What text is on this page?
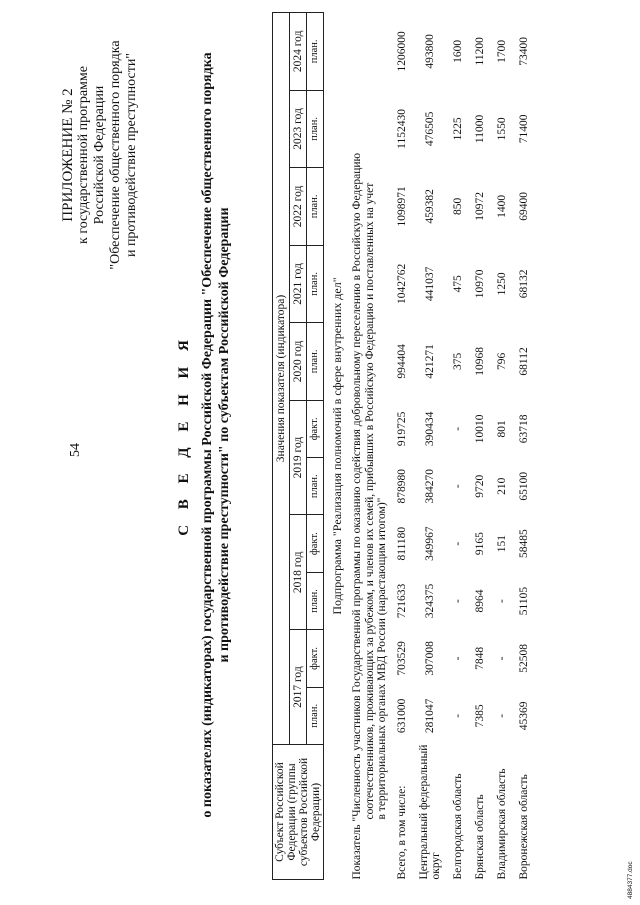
54
ПРИЛОЖЕНИЕ № 2 к государственной программе Российской Федерации "Обеспечение общественного порядка и противодействие преступности"
С В Е Д Е Н И Я о показателях (индикаторах) государственной программы Российской Федерации "Обеспечение общественного порядка и противодействие преступности" по субъектам Российской Федерации
Субъект Российской Федерации (группы субъектов Российской Федерации)	Значения показателя (индикатора)										
	2017 год		2018 год		2019 год		2020 год	2021 год	2022 год	2023 год	2024 год
	план.	факт.	план.	факт.	план.	факт.	план.	план.	план.	план.	план.
Подпрограмма "Реализация полномочий в сфере внутренних дел"											
Показатель "Численность участников Государственной программы по оказанию содействия добровольному переселению в Российскую Федерацию соотечественников, проживающих за рубежом, и членов их семей, прибывших в Российскую Федерацию и поставленных на учет в территориальных органах МВД России (нарастающим итогом)"											

Всего, в том числе:	631000	703529	721633	811180	878980	919725	994404	1042762	1098971	1152430	1206000
Центральный федеральный округ	281047	307008	324375	349967	384270	390434	421271	441037	459382	476505	493800
Белгородская область	-	-	-	-	-	-	375	475	850	1225	1600
Брянская область	7385	7848	8964	9165	9720	10010	10968	10970	10972	11000	11200
Владимирская область	-	-	-	151	210	801	796	1250	1400	1550	1700
Воронежская область	45369	52508	51105	58485	65100	63718	68112	68132	69400	71400	73400
4884377.doc
